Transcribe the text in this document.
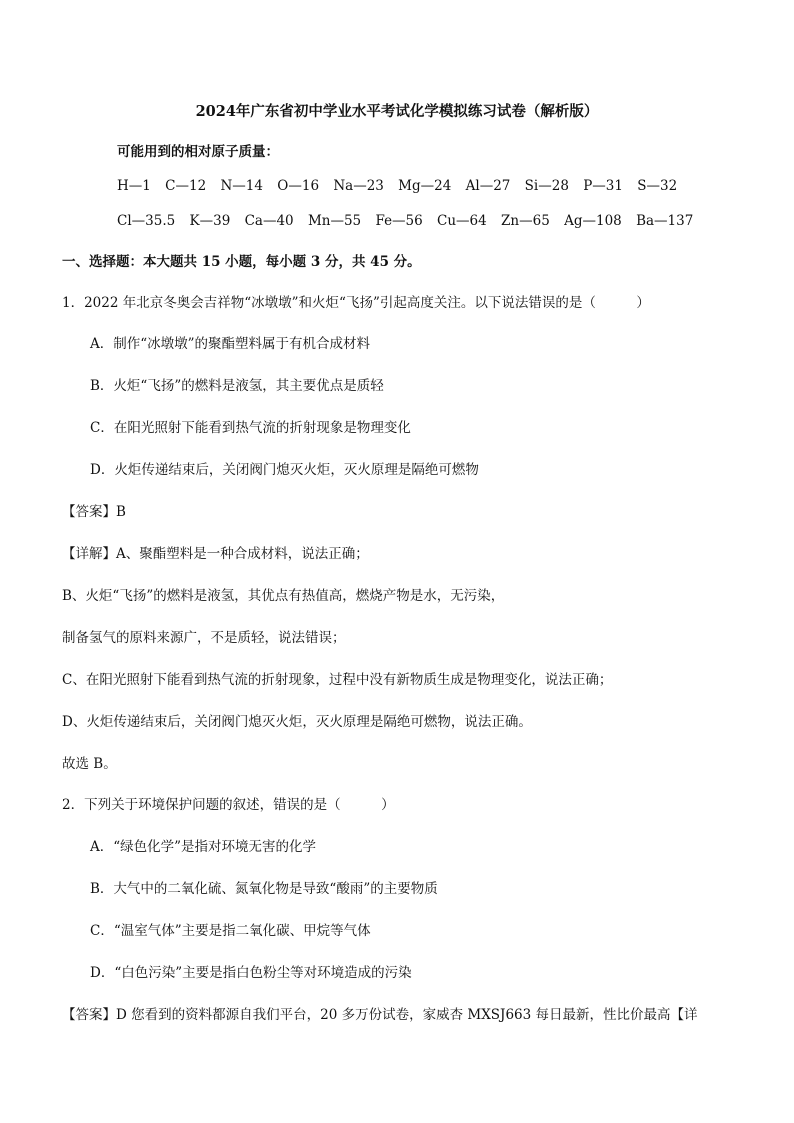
2024年广东省初中学业水平考试化学模拟练习试卷（解析版）
可能用到的相对原子质量：
H—1 C—12 N—14 O—16 Na—23 Mg—24 Al—27 Si—28 P—31 S—32
Cl—35.5 K—39 Ca—40 Mn—55 Fe—56 Cu—64 Zn—65 Ag—108 Ba—137
一、选择题：本大题共 15 小题，每小题 3 分，共 45 分。
1．2022 年北京冬奥会吉祥物“冰墩墩”和火炬“飞扬”引起高度关注。以下说法错误的是（　　　）
A．制作“冰墩墩”的聚酯塑料属于有机合成材料
B．火炬“飞扬”的燃料是液氢，其主要优点是质轻
C．在阳光照射下能看到热气流的折射现象是物理变化
D．火炬传递结束后，关闭阀门熄灭火炬，灭火原理是隔绝可燃物
【答案】B
【详解】A、聚酯塑料是一种合成材料，说法正确；
B、火炬“飞扬”的燃料是液氢，其优点有热值高，燃烧产物是水，无污染，
制备氢气的原料来源广，不是质轻，说法错误；
C、在阳光照射下能看到热气流的折射现象，过程中没有新物质生成是物理变化，说法正确；
D、火炬传递结束后，关闭阀门熄灭火炬，灭火原理是隔绝可燃物，说法正确。
故选 B。
2．下列关于环境保护问题的叙述，错误的是（　　　）
A．“绿色化学”是指对环境无害的化学
B．大气中的二氧化硫、氮氧化物是导致“酸雨”的主要物质
C．“温室气体”主要是指二氧化碳、甲烷等气体
D．“白色污染”主要是指白色粉尘等对环境造成的污染
【答案】D 您看到的资料都源自我们平台，20 多万份试卷，家威杏 MXSJ663 每日最新，性比价最高【详
